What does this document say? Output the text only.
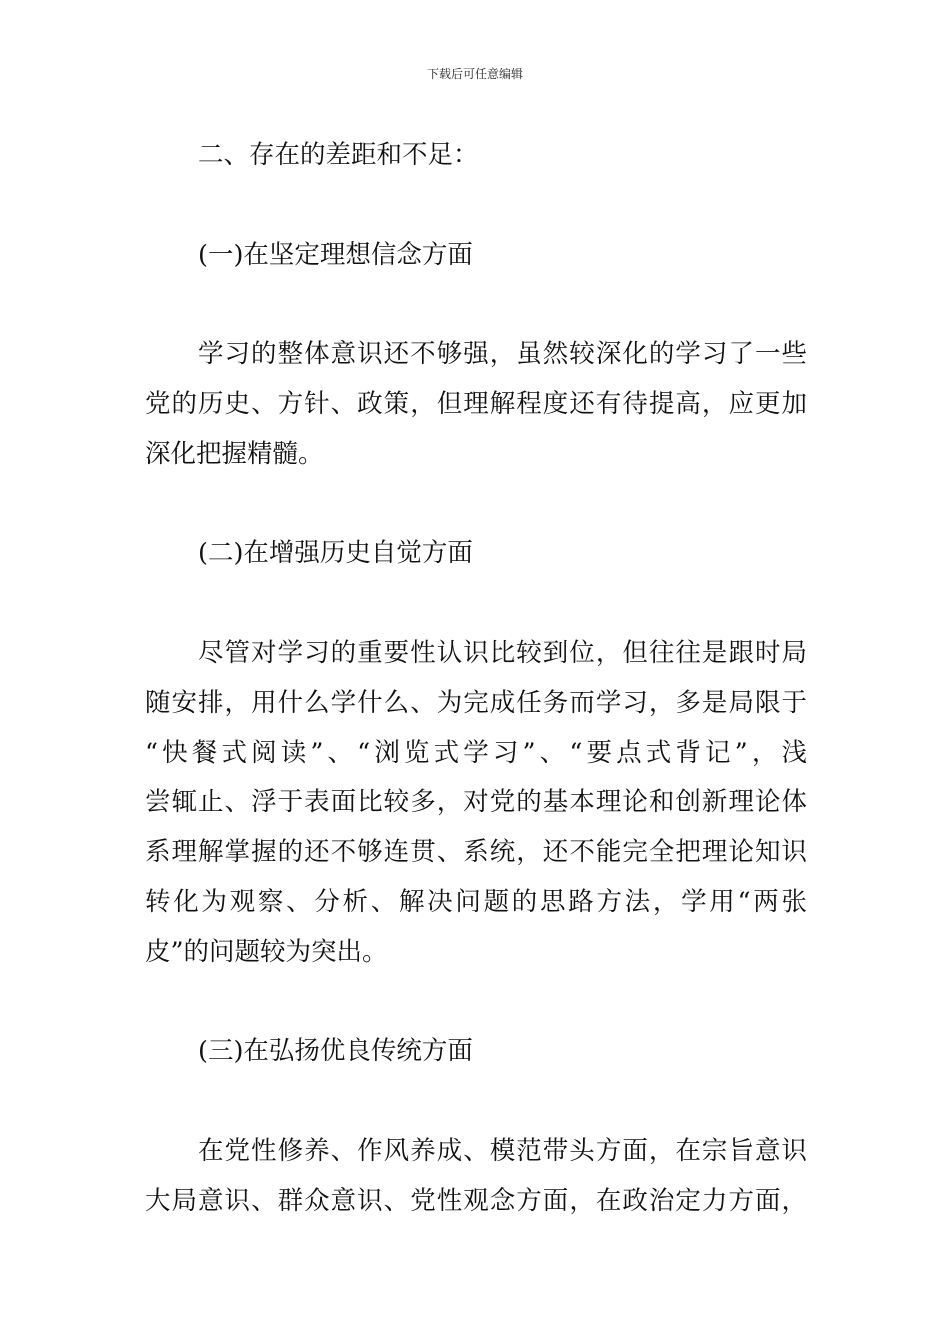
下载后可任意编辑
二、存在的差距和不足：
(一)在坚定理想信念方面
学习的整体意识还不够强，虽然较深化的学习了一些
党的历史、方针、政策，但理解程度还有待提高，应更加
深化把握精髓。
(二)在增强历史自觉方面
尽管对学习的重要性认识比较到位，但往往是跟时局
随安排，用什么学什么、为完成任务而学习，多是局限于
“快餐式阅读”、“浏览式学习”、“要点式背记”，浅
尝辄止、浮于表面比较多，对党的基本理论和创新理论体
系理解掌握的还不够连贯、系统，还不能完全把理论知识
转化为观察、分析、解决问题的思路方法，学用“两张
皮”的问题较为突出。
(三)在弘扬优良传统方面
在党性修养、作风养成、模范带头方面，在宗旨意识
大局意识、群众意识、党性观念方面，在政治定力方面，
